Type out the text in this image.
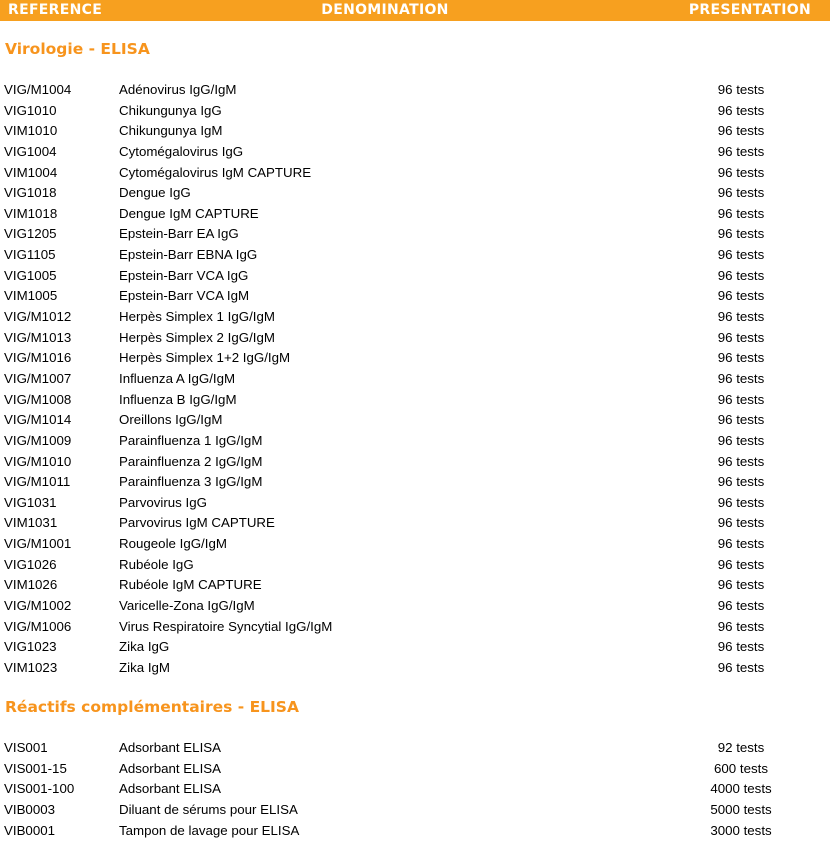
REFERENCE	DENOMINATION	PRESENTATION
Virologie - ELISA
VIG/M1004	Adénovirus IgG/IgM	96 tests
VIG1010	Chikungunya IgG	96 tests
VIM1010	Chikungunya IgM	96 tests
VIG1004	Cytomégalovirus IgG	96 tests
VIM1004	Cytomégalovirus IgM CAPTURE	96 tests
VIG1018	Dengue IgG	96 tests
VIM1018	Dengue IgM CAPTURE	96 tests
VIG1205	Epstein-Barr EA IgG	96 tests
VIG1105	Epstein-Barr EBNA IgG	96 tests
VIG1005	Epstein-Barr VCA IgG	96 tests
VIM1005	Epstein-Barr VCA IgM	96 tests
VIG/M1012	Herpès Simplex 1 IgG/IgM	96 tests
VIG/M1013	Herpès Simplex 2 IgG/IgM	96 tests
VIG/M1016	Herpès Simplex 1+2 IgG/IgM	96 tests
VIG/M1007	Influenza A IgG/IgM	96 tests
VIG/M1008	Influenza B IgG/IgM	96 tests
VIG/M1014	Oreillons IgG/IgM	96 tests
VIG/M1009	Parainfluenza 1 IgG/IgM	96 tests
VIG/M1010	Parainfluenza 2 IgG/IgM	96 tests
VIG/M1011	Parainfluenza 3 IgG/IgM	96 tests
VIG1031	Parvovirus IgG	96 tests
VIM1031	Parvovirus IgM CAPTURE	96 tests
VIG/M1001	Rougeole IgG/IgM	96 tests
VIG1026	Rubéole IgG	96 tests
VIM1026	Rubéole IgM CAPTURE	96 tests
VIG/M1002	Varicelle-Zona IgG/IgM	96 tests
VIG/M1006	Virus Respiratoire Syncytial IgG/IgM	96 tests
VIG1023	Zika IgG	96 tests
VIM1023	Zika IgM	96 tests
Réactifs complémentaires - ELISA
VIS001	Adsorbant ELISA	92 tests
VIS001-15	Adsorbant ELISA	600 tests
VIS001-100	Adsorbant ELISA	4000 tests
VIB0003	Diluant de sérums pour ELISA	5000 tests
VIB0001	Tampon de lavage pour ELISA	3000 tests
